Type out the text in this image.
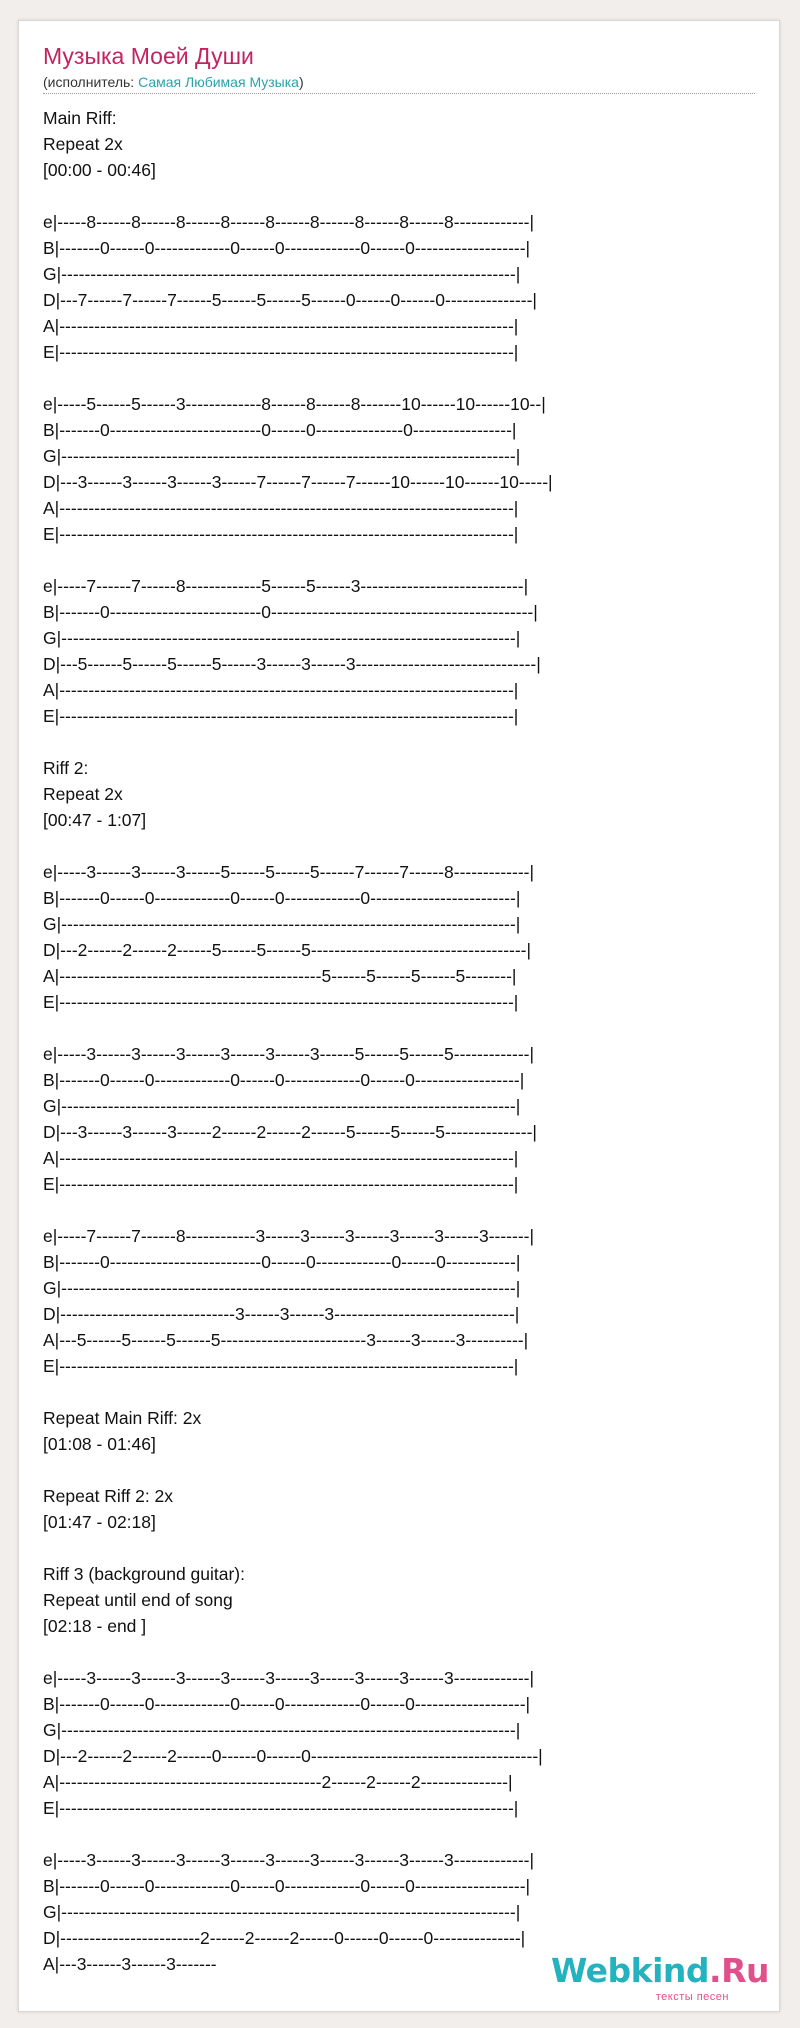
Музыка Моей Души
(исполнитель: Самая Любимая Музыка)
Main Riff:
Repeat 2x
[00:00 - 00:46]
e|-----8------8------8------8------8------8------8------8------8-------------|
B|-------0------0-------------0------0-------------0------0-------------------|
G|------------------------------------------------------------------------------|
D|---7------7------7------5------5------5------0------0------0---------------|
A|------------------------------------------------------------------------------|
E|------------------------------------------------------------------------------|
e|-----5------5------3-------------8------8------8-------10------10------10--|
B|-------0--------------------------0------0---------------0-----------------|
G|------------------------------------------------------------------------------|
D|---3------3------3------3------7------7------7------10------10------10-----|
A|------------------------------------------------------------------------------|
E|------------------------------------------------------------------------------|
e|-----7------7------8-------------5------5------3----------------------------|
B|-------0--------------------------0---------------------------------------------|
G|------------------------------------------------------------------------------|
D|---5------5------5------5------3------3------3-------------------------------|
A|------------------------------------------------------------------------------|
E|------------------------------------------------------------------------------|
Riff 2:
Repeat 2x
[00:47 - 1:07]
e|-----3------3------3------5------5------5------7------7------8-------------|
B|-------0------0-------------0------0-------------0-------------------------|
G|------------------------------------------------------------------------------|
D|---2------2------2------5------5------5-------------------------------------|
A|---------------------------------------------5------5------5------5--------|
E|------------------------------------------------------------------------------|
e|-----3------3------3------3------3------3------5------5------5-------------|
B|-------0------0-------------0------0-------------0------0------------------|
G|------------------------------------------------------------------------------|
D|---3------3------3------2------2------2------5------5------5---------------|
A|------------------------------------------------------------------------------|
E|------------------------------------------------------------------------------|
e|-----7------7------8------------3------3------3------3------3------3-------|
B|-------0--------------------------0------0-------------0------0------------|
G|------------------------------------------------------------------------------|
D|------------------------------3------3------3-------------------------------|
A|---5------5------5------5-------------------------3------3------3----------|
E|------------------------------------------------------------------------------|
Repeat Main Riff: 2x
[01:08 - 01:46]
Repeat Riff 2: 2x
[01:47 - 02:18]
Riff 3 (background guitar):
Repeat until end of song
[02:18 - end ]
e|-----3------3------3------3------3------3------3------3------3-------------|
B|-------0------0-------------0------0-------------0------0-------------------|
G|------------------------------------------------------------------------------|
D|---2------2------2------0------0------0---------------------------------------|
A|---------------------------------------------2------2------2---------------|
E|------------------------------------------------------------------------------|
e|-----3------3------3------3------3------3------3------3------3-------------|
B|-------0------0-------------0------0-------------0------0-------------------|
G|------------------------------------------------------------------------------|
D|------------------------2------2------2------0------0------0---------------|
A|---3------3------3-------	Webkind.Ru
тексты песен
